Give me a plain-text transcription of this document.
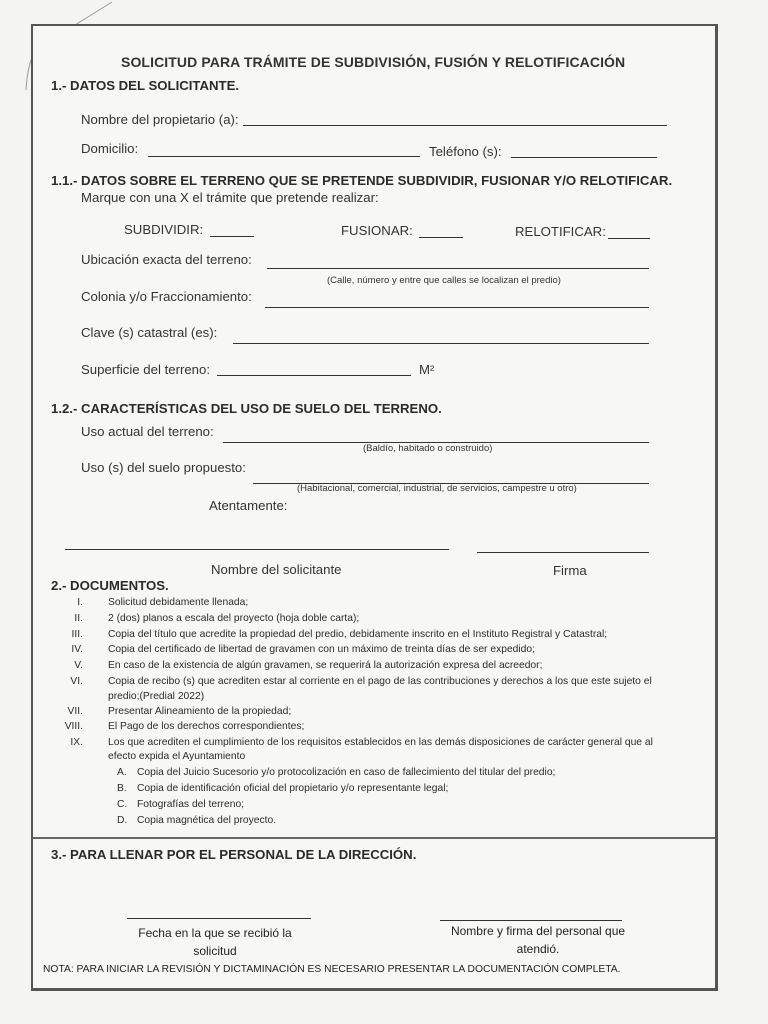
SOLICITUD PARA TRÁMITE DE SUBDIVISIÓN, FUSIÓN Y RELOTIFICACIÓN
1.- DATOS DEL SOLICITANTE.
Nombre del propietario (a):
Domicilio:	Teléfono (s):
1.1.- DATOS SOBRE EL TERRENO QUE SE PRETENDE SUBDIVIDIR, FUSIONAR Y/O RELOTIFICAR.
Marque con una X el trámite que pretende realizar:
SUBDIVIDIR:	FUSIONAR:	RELOTIFICAR:
Ubicación exacta del terreno:
(Calle, número y entre que calles se localizan el predio)
Colonia y/o Fraccionamiento:
Clave (s) catastral (es):
Superficie del terreno:	M²
1.2.- CARACTERÍSTICAS DEL USO DE SUELO DEL TERRENO.
Uso actual del terreno:
(Baldío, habitado o construido)
Uso (s) del suelo propuesto:
(Habitacional, comercial, industrial, de servicios, campestre u otro)
Atentamente:
Nombre del solicitante	Firma
2.- DOCUMENTOS.
I. Solicitud debidamente llenada;
II. 2 (dos) planos a escala del proyecto (hoja doble carta);
III. Copia del título que acredite la propiedad del predio, debidamente inscrito en el Instituto Registral y Catastral;
IV. Copia del certificado de libertad de gravamen con un máximo de treinta días de ser expedido;
V. En caso de la existencia de algún gravamen, se requerirá la autorización expresa del acreedor;
VI. Copia de recibo (s) que acrediten estar al corriente en el pago de las contribuciones y derechos a los que este sujeto el
predio;(Predial 2022)
VII. Presentar Alineamiento de la propiedad;
VIII. El Pago de los derechos correspondientes;
IX. Los que acrediten el cumplimiento de los requisitos establecidos en las demás disposiciones de carácter general que al
efecto expida el Ayuntamiento
A. Copia del Juicio Sucesorio y/o protocolización en caso de fallecimiento del titular del predio;
B. Copia de identificación oficial del propietario y/o representante legal;
C. Fotografías del terreno;
D. Copia magnética del proyecto.
3.- PARA LLENAR POR EL PERSONAL DE LA DIRECCIÓN.
Fecha en la que se recibió la solicitud
Nombre y firma del personal que atendió.
NOTA: PARA INICIAR LA REVISIÓN Y DICTAMINACIÓN ES NECESARIO PRESENTAR LA DOCUMENTACIÓN COMPLETA.
